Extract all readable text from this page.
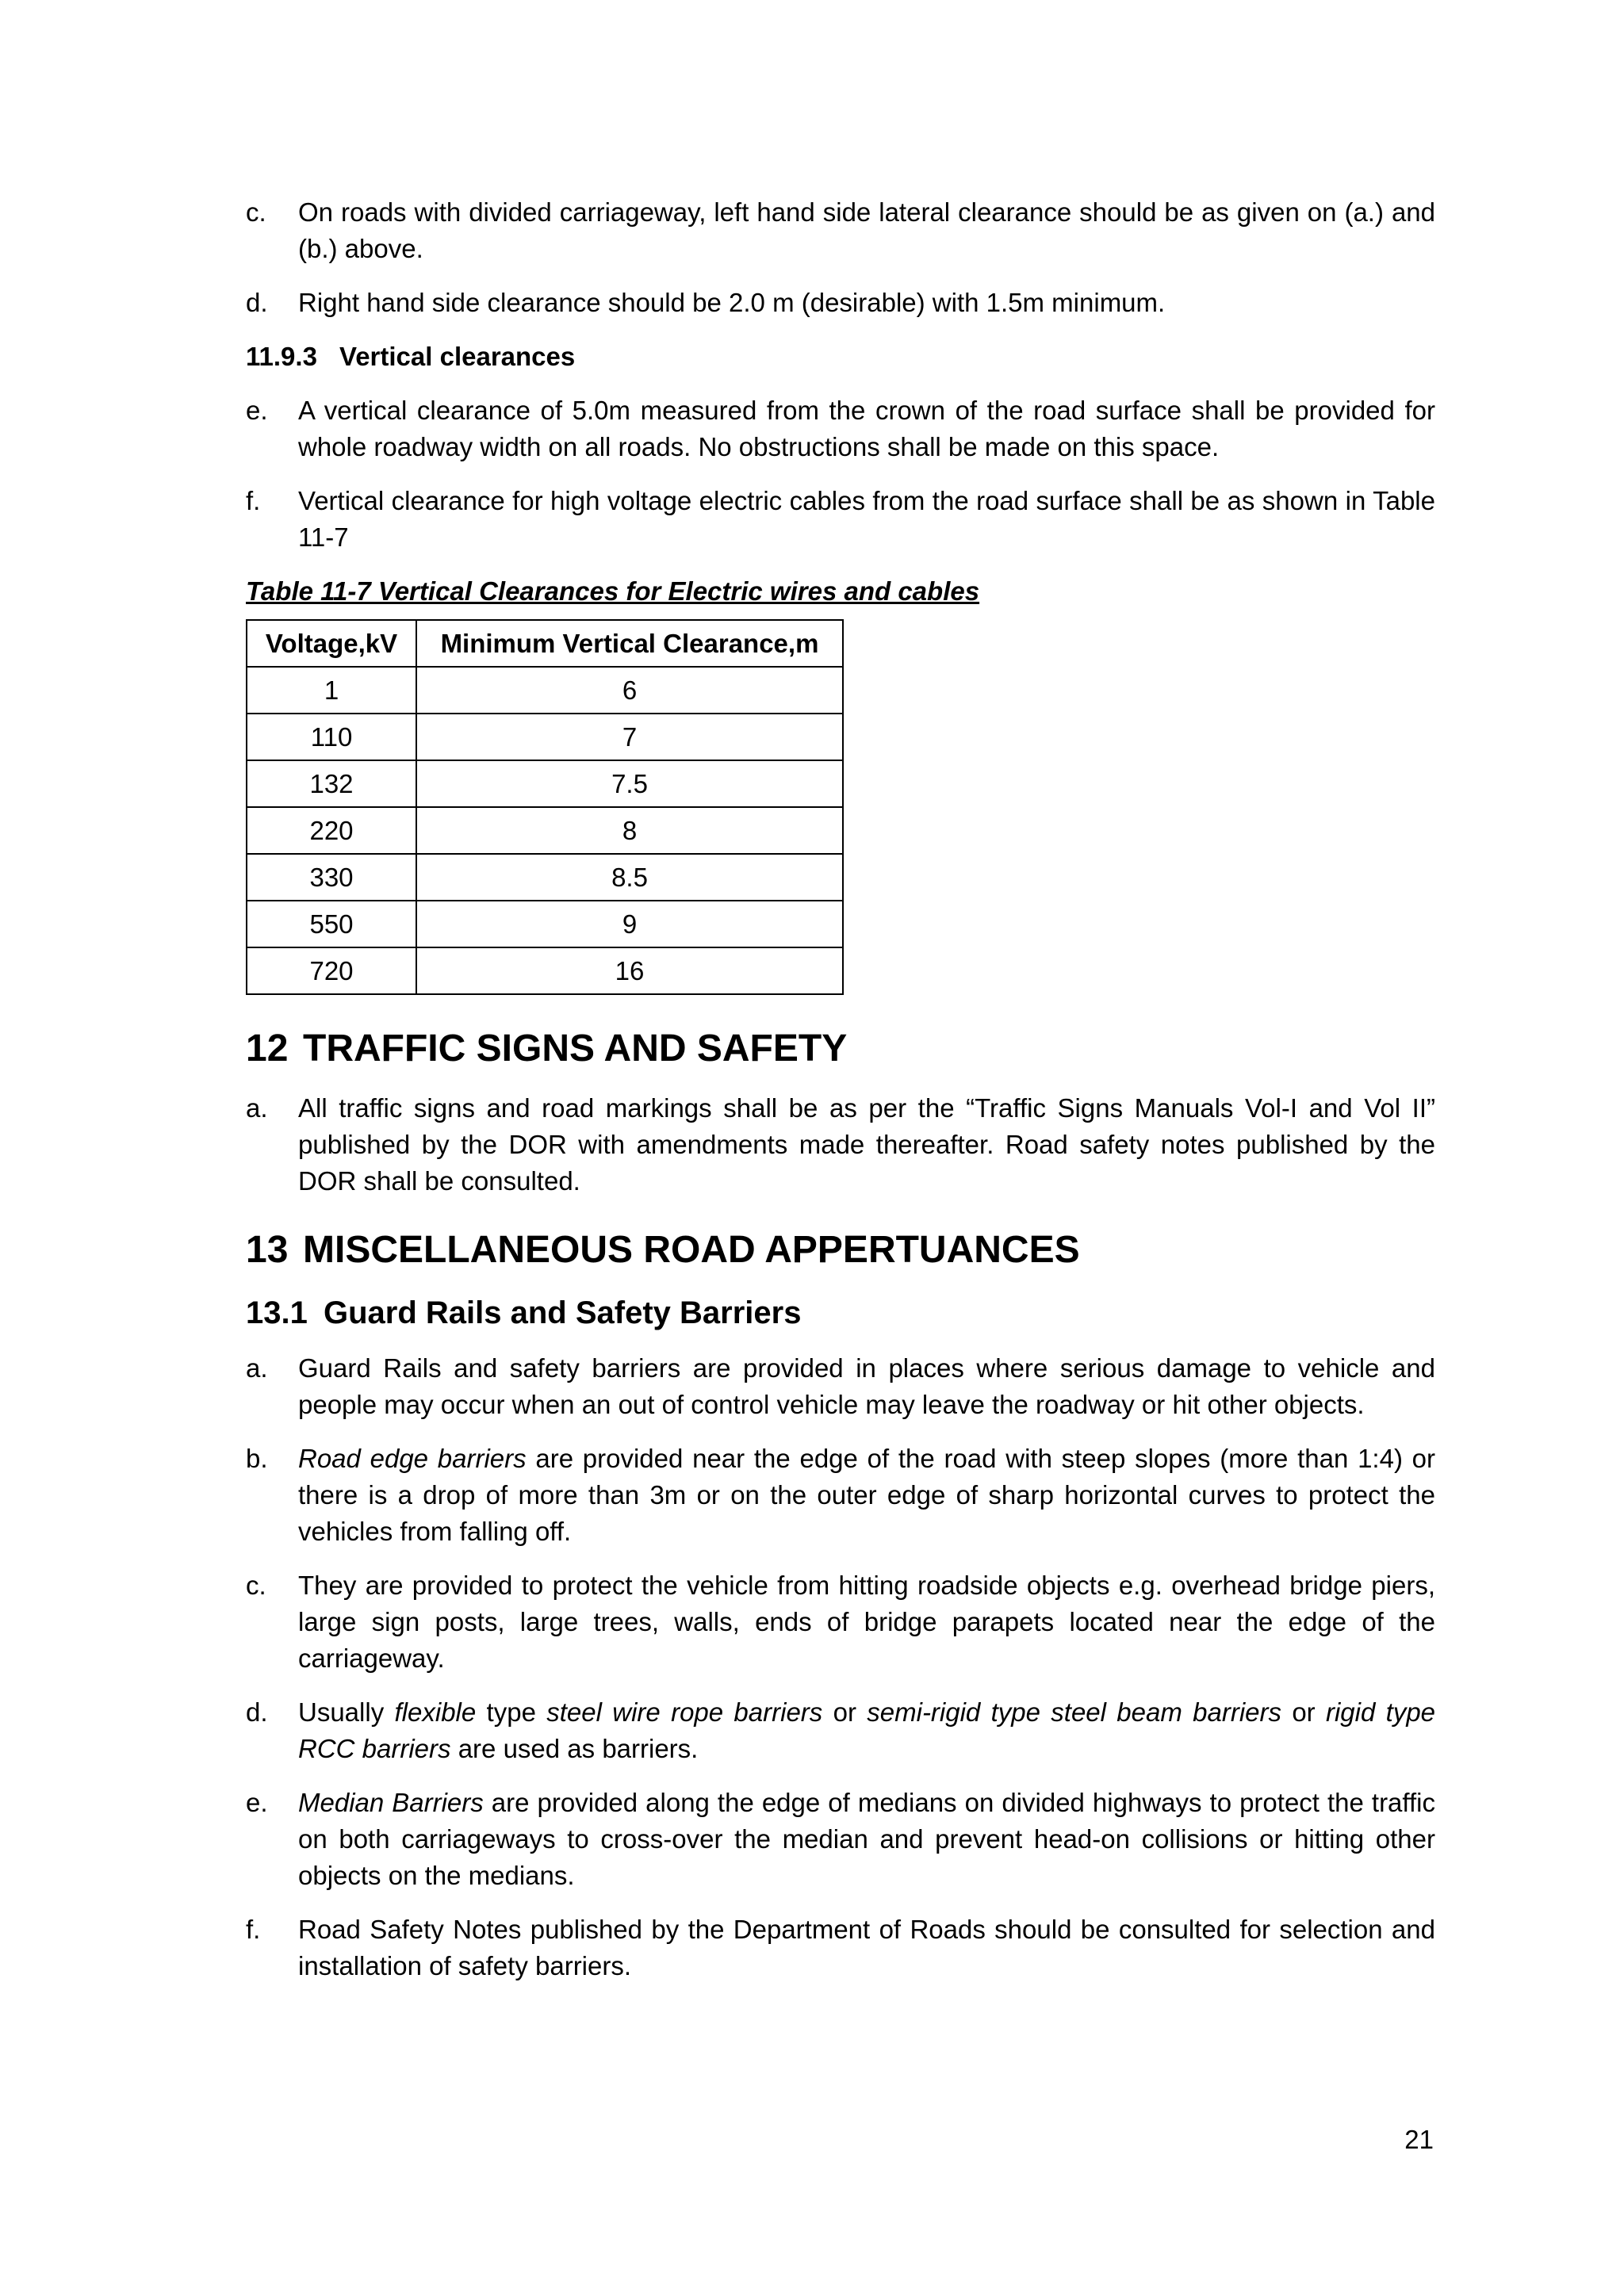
c. On roads with divided carriageway, left hand side lateral clearance should be as given on (a.) and (b.) above.
d. Right hand side clearance should be 2.0 m (desirable) with 1.5m minimum.
11.9.3 Vertical clearances
e. A vertical clearance of 5.0m measured from the crown of the road surface shall be provided for whole roadway width on all roads. No obstructions shall be made on this space.
f. Vertical clearance for high voltage electric cables from the road surface shall be as shown in Table 11-7
Table 11-7 Vertical Clearances for Electric wires and cables
Voltage,kV	Minimum Vertical Clearance,m
1	6
110	7
132	7.5
220	8
330	8.5
550	9
720	16
12 TRAFFIC SIGNS AND SAFETY
a. All traffic signs and road markings shall be as per the “Traffic Signs Manuals Vol-I and Vol II” published by the DOR with amendments made thereafter. Road safety notes published by the DOR shall be consulted.
13 MISCELLANEOUS ROAD APPERTUANCES
13.1 Guard Rails and Safety Barriers
a. Guard Rails and safety barriers are provided in places where serious damage to vehicle and people may occur when an out of control vehicle may leave the roadway or hit other objects.
b. Road edge barriers are provided near the edge of the road with steep slopes (more than 1:4) or there is a drop of more than 3m or on the outer edge of sharp horizontal curves to protect the vehicles from falling off.
c. They are provided to protect the vehicle from hitting roadside objects e.g. overhead bridge piers, large sign posts, large trees, walls, ends of bridge parapets located near the edge of the carriageway.
d. Usually flexible type steel wire rope barriers or semi-rigid type steel beam barriers or rigid type RCC barriers are used as barriers.
e. Median Barriers are provided along the edge of medians on divided highways to protect the traffic on both carriageways to cross-over the median and prevent head-on collisions or hitting other objects on the medians.
f. Road Safety Notes published by the Department of Roads should be consulted for selection and installation of safety barriers.
21
